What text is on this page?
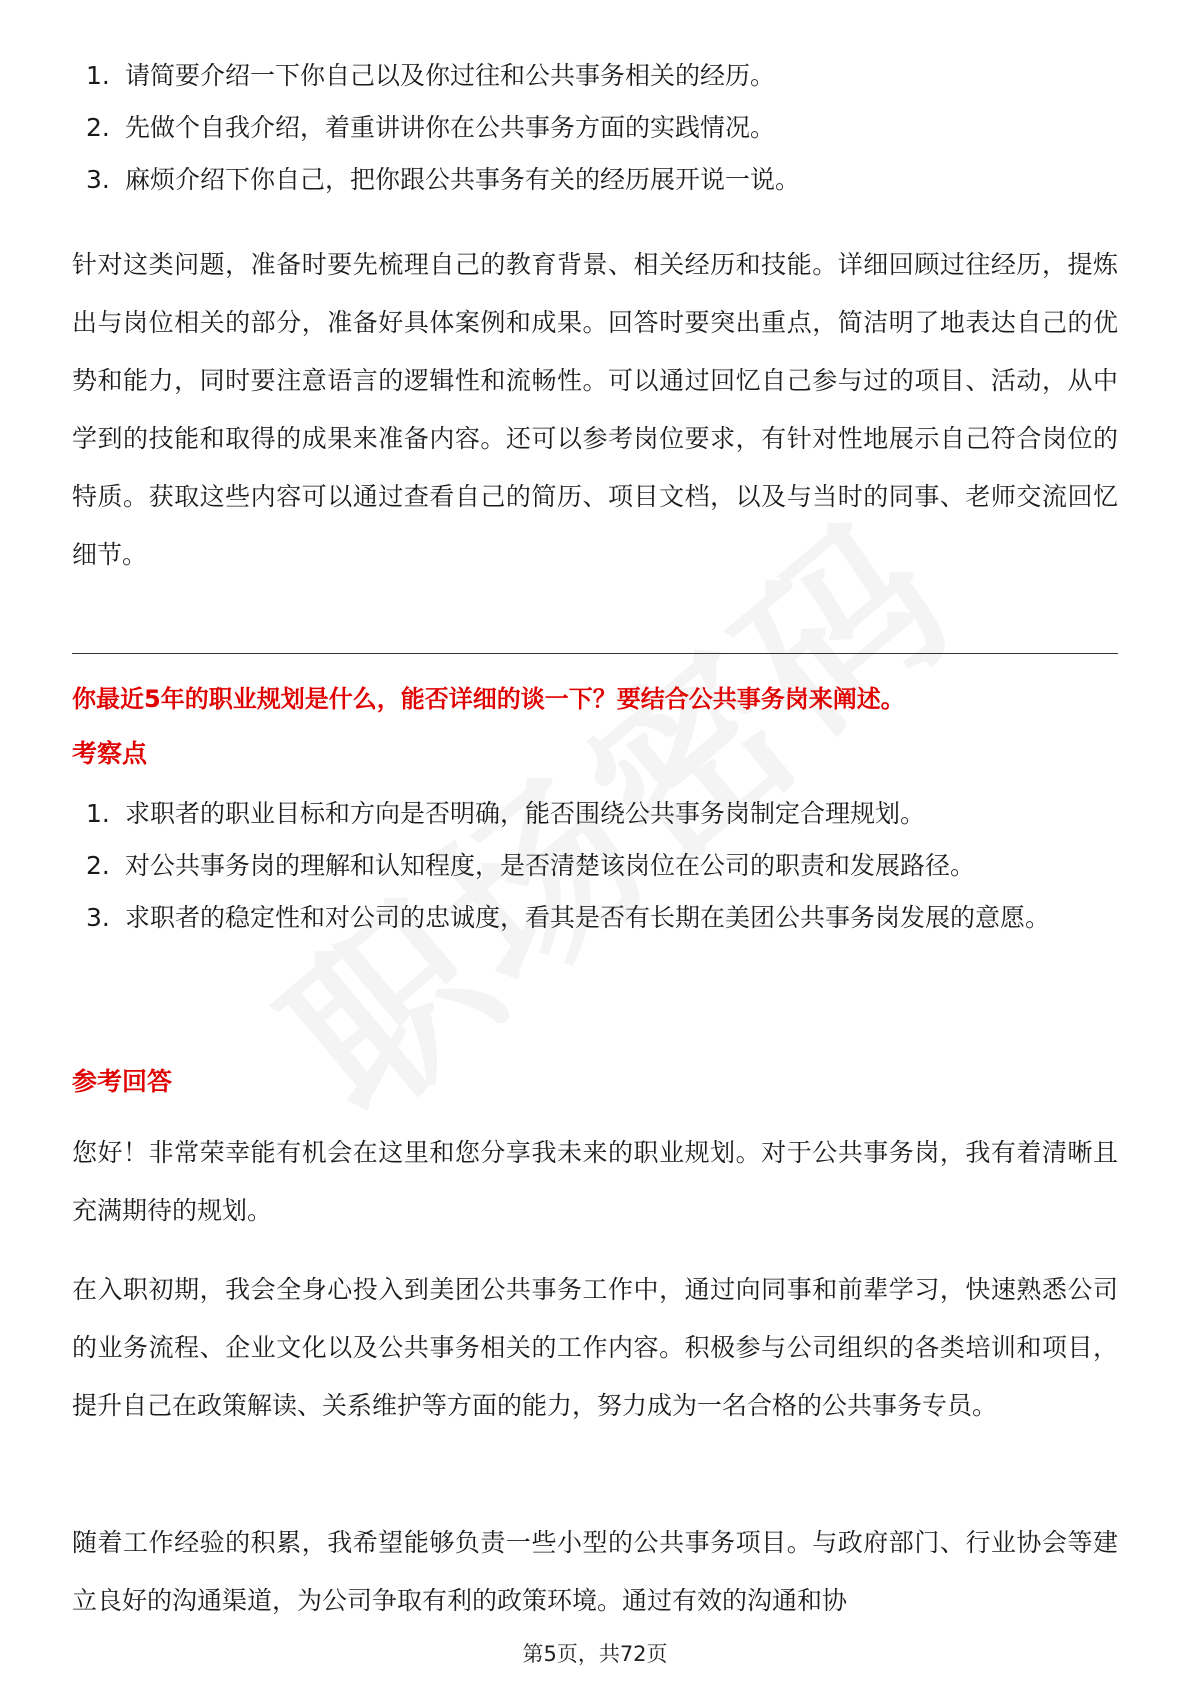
1. 请简要介绍一下你自己以及你过往和公共事务相关的经历。
2. 先做个自我介绍，着重讲讲你在公共事务方面的实践情况。
3. 麻烦介绍下你自己，把你跟公共事务有关的经历展开说一说。

针对这类问题，准备时要先梳理自己的教育背景、相关经历和技能。详细回顾过往经历，提炼出与岗位相关的部分，准备好具体案例和成果。回答时要突出重点，简洁明了地表达自己的优势和能力，同时要注意语言的逻辑性和流畅性。可以通过回忆自己参与过的项目、活动，从中学到的技能和取得的成果来准备内容。还可以参考岗位要求，有针对性地展示自己符合岗位的特质。获取这些内容可以通过查看自己的简历、项目文档，以及与当时的同事、老师交流回忆细节。

你最近5年的职业规划是什么，能否详细的谈一下？要结合公共事务岗来阐述。

考察点

1. 求职者的职业目标和方向是否明确，能否围绕公共事务岗制定合理规划。
2. 对公共事务岗的理解和认知程度，是否清楚该岗位在公司的职责和发展路径。
3. 求职者的稳定性和对公司的忠诚度，看其是否有长期在美团公共事务岗发展的意愿。

参考回答

您好！非常荣幸能有机会在这里和您分享我未来的职业规划。对于公共事务岗，我有着清晰且充满期待的规划。

在入职初期，我会全身心投入到美团公共事务工作中，通过向同事和前辈学习，快速熟悉公司的业务流程、企业文化以及公共事务相关的工作内容。积极参与公司组织的各类培训和项目，提升自己在政策解读、关系维护等方面的能力，努力成为一名合格的公共事务专员。

随着工作经验的积累，我希望能够负责一些小型的公共事务项目。与政府部门、行业协会等建立良好的沟通渠道，为公司争取有利的政策环境。通过有效的沟通和协

第5页，共72页
